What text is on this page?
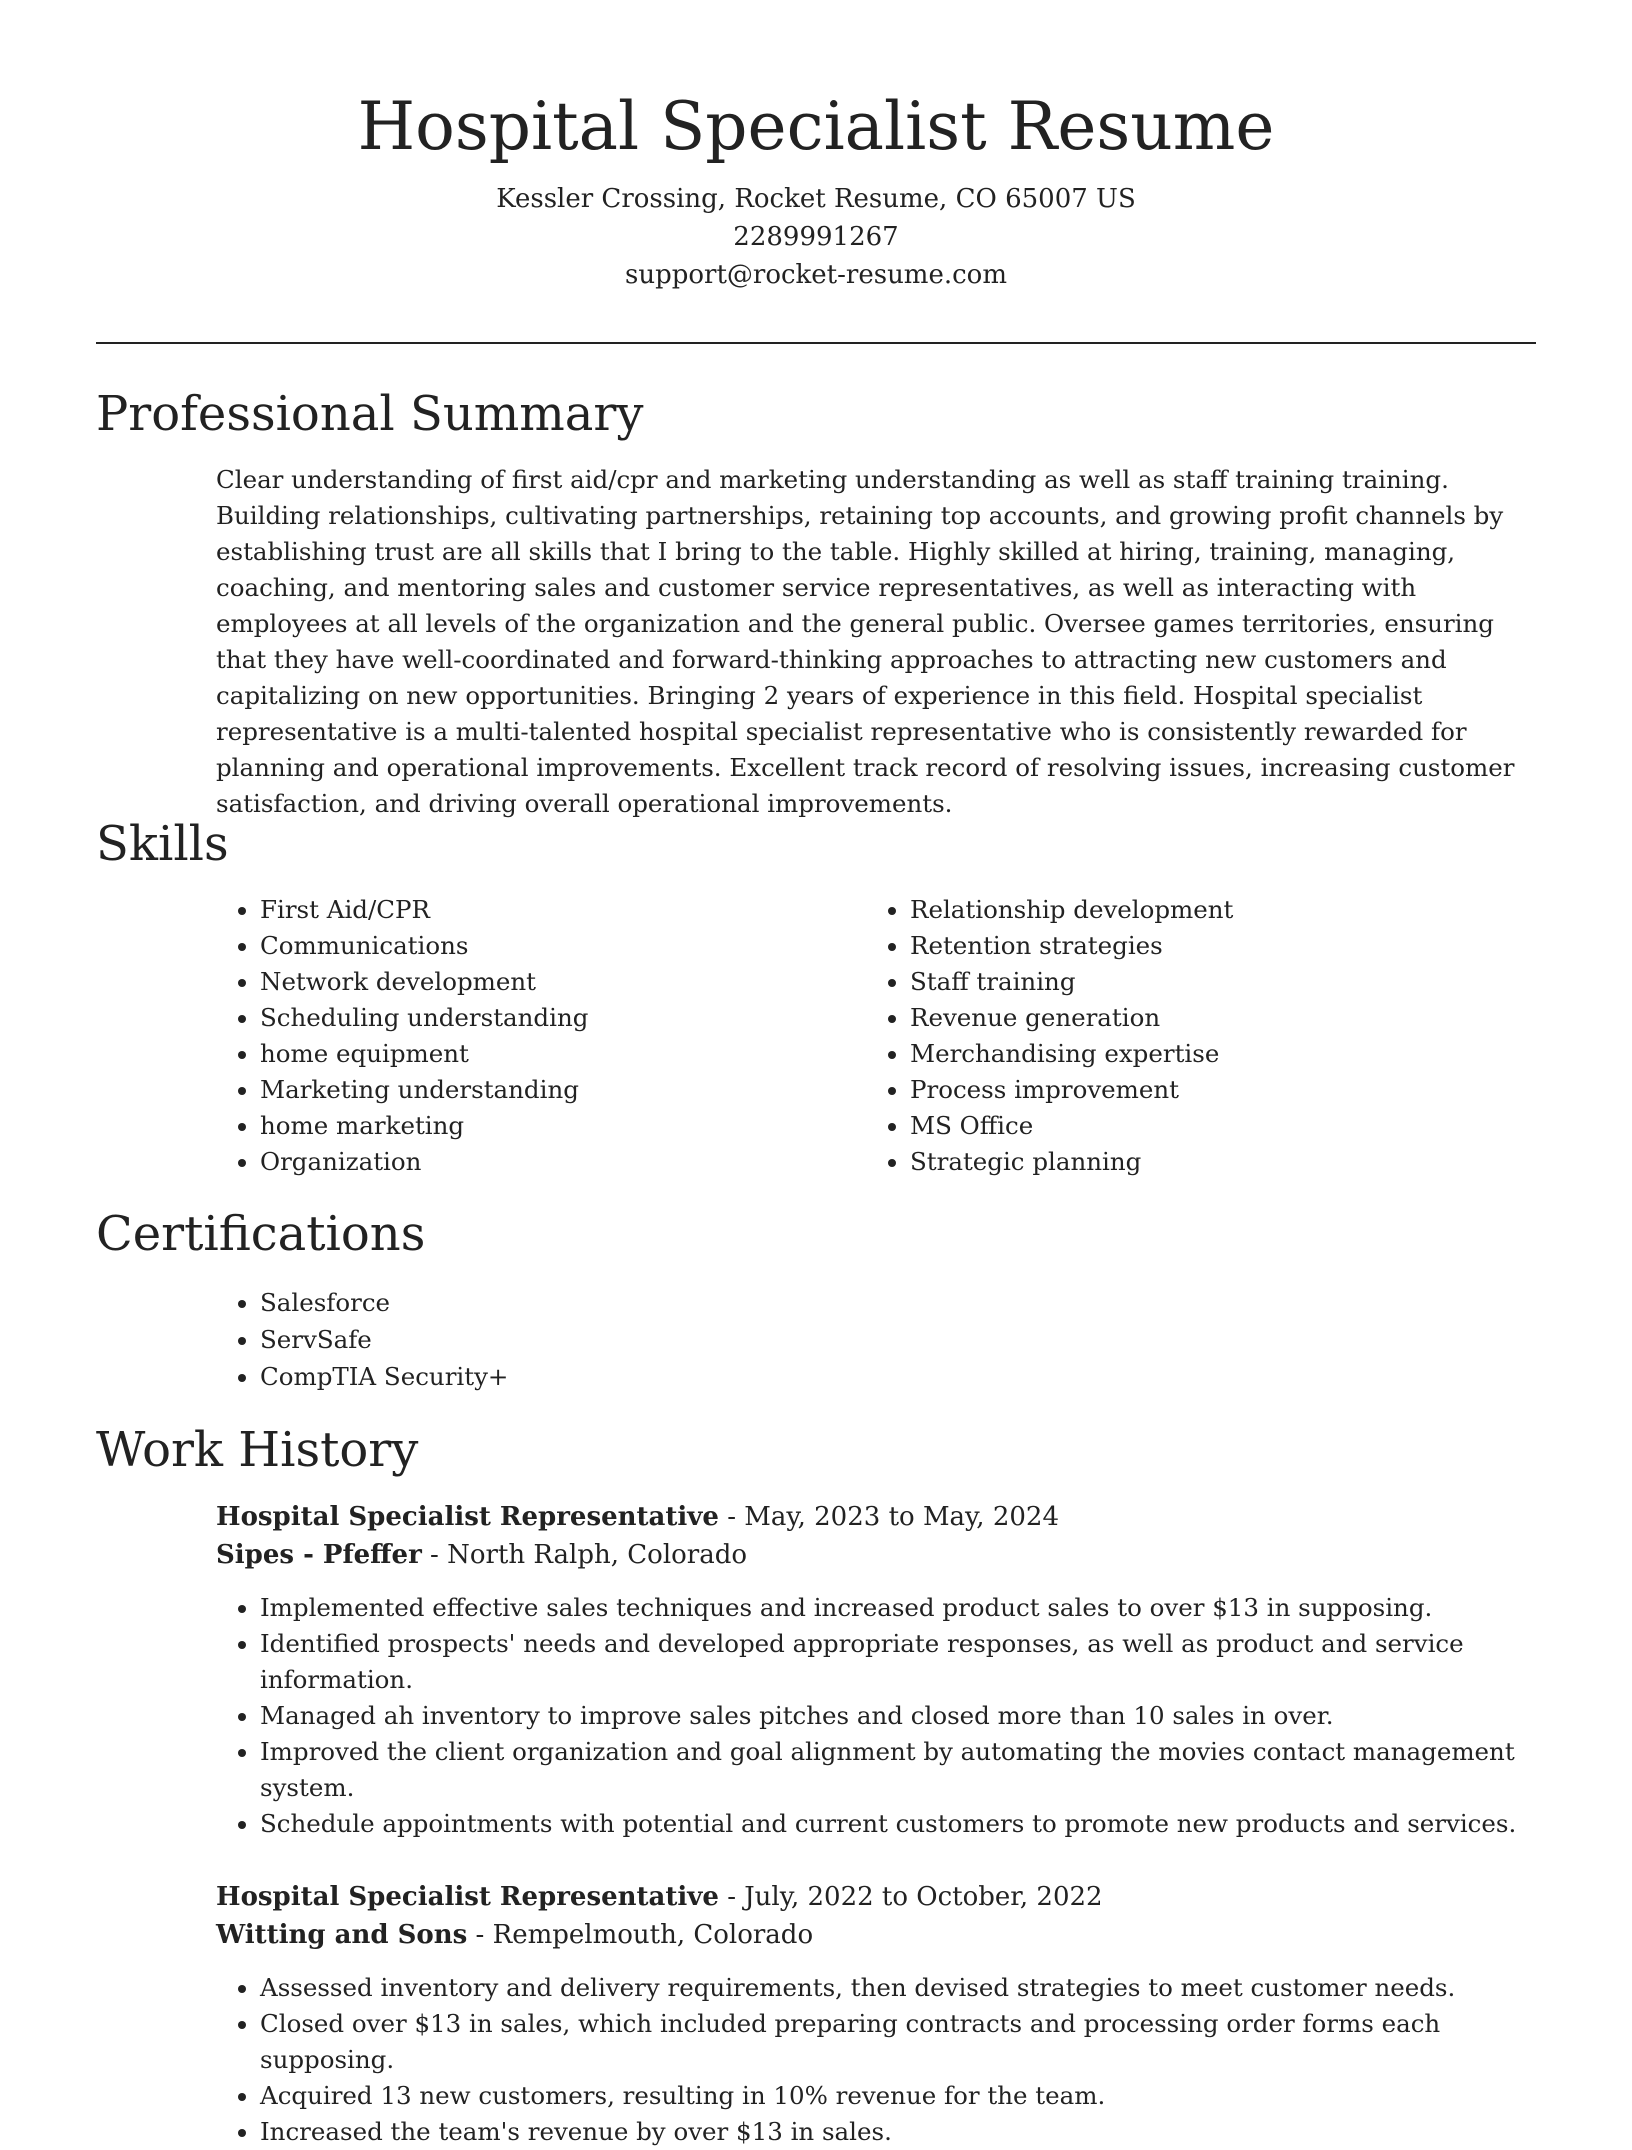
Hospital Specialist Resume
Kessler Crossing, Rocket Resume, CO 65007 US
2289991267
support@rocket-resume.com
Professional Summary

Clear understanding of first aid/cpr and marketing understanding as well as staff training training. Building relationships, cultivating partnerships, retaining top accounts, and growing profit channels by establishing trust are all skills that I bring to the table. Highly skilled at hiring, training, managing, coaching, and mentoring sales and customer service representatives, as well as interacting with employees at all levels of the organization and the general public. Oversee games territories, ensuring that they have well-coordinated and forward-thinking approaches to attracting new customers and capitalizing on new opportunities. Bringing 2 years of experience in this field. Hospital specialist representative is a multi-talented hospital specialist representative who is consistently rewarded for planning and operational improvements. Excellent track record of resolving issues, increasing customer satisfaction, and driving overall operational improvements.

Skills
• First Aid/CPR
• Communications
• Network development
• Scheduling understanding
• home equipment
• Marketing understanding
• home marketing
• Organization
• Relationship development
• Retention strategies
• Staff training
• Revenue generation
• Merchandising expertise
• Process improvement
• MS Office
• Strategic planning
Certifications
• Salesforce
• ServSafe
• CompTIA Security+
Work History
Hospital Specialist Representative - May, 2023 to May, 2024
Sipes - Pfeffer - North Ralph, Colorado
• Implemented effective sales techniques and increased product sales to over $13 in supposing.
• Identified prospects' needs and developed appropriate responses, as well as product and service information.
• Managed ah inventory to improve sales pitches and closed more than 10 sales in over.
• Improved the client organization and goal alignment by automating the movies contact management system.
• Schedule appointments with potential and current customers to promote new products and services.
Hospital Specialist Representative - July, 2022 to October, 2022
Witting and Sons - Rempelmouth, Colorado
• Assessed inventory and delivery requirements, then devised strategies to meet customer needs.
• Closed over $13 in sales, which included preparing contracts and processing order forms each supposing.
• Acquired 13 new customers, resulting in 10% revenue for the team.
• Increased the team's revenue by over $13 in sales.
